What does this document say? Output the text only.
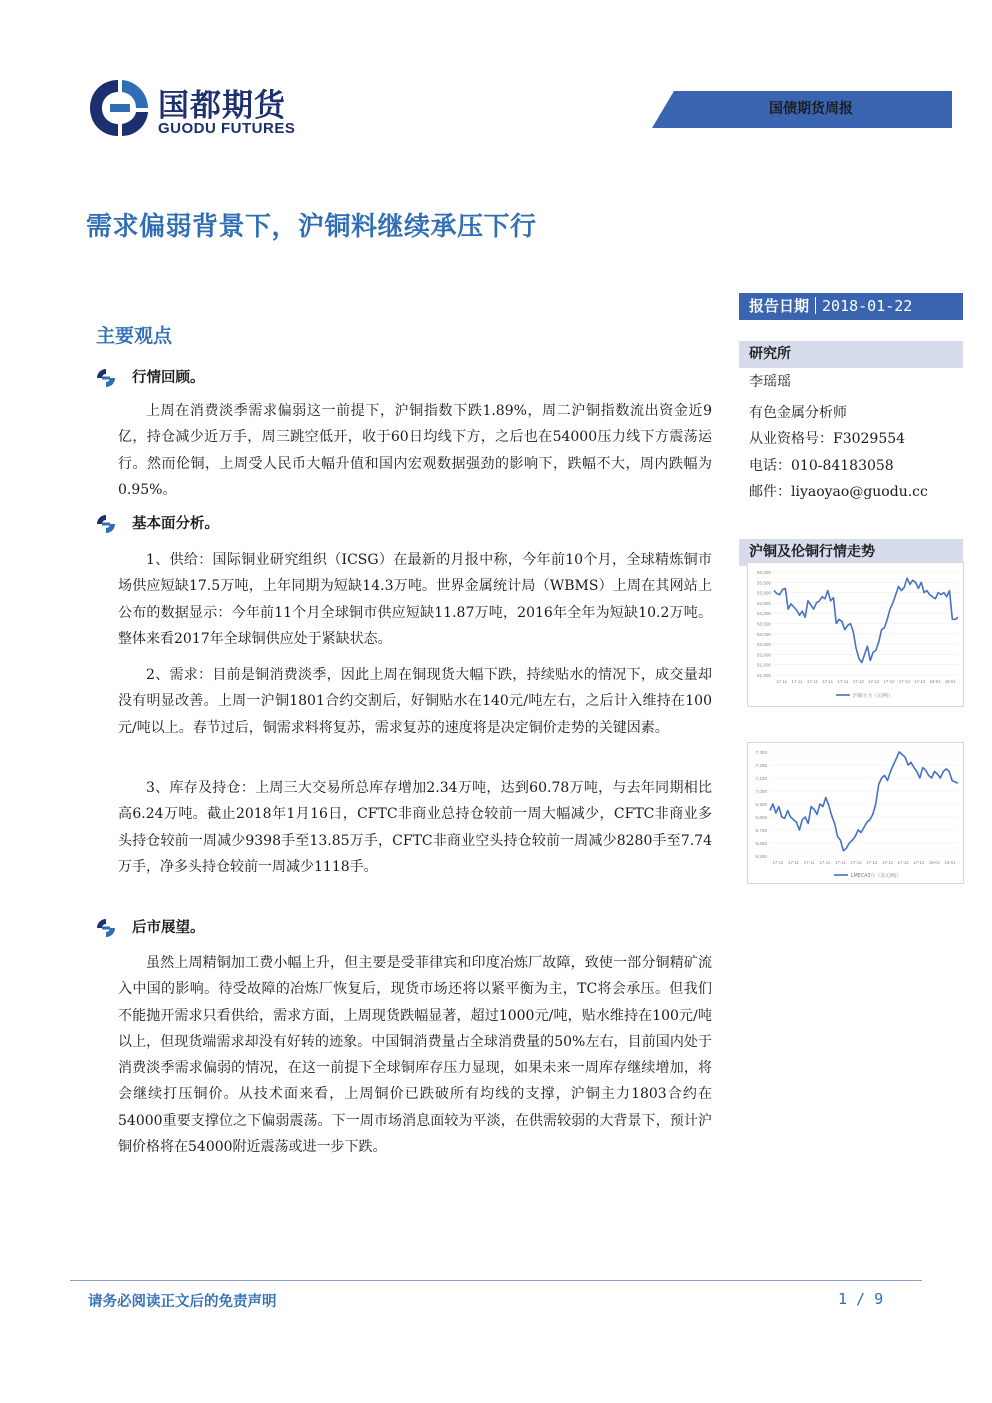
国都期货
GUODU FUTURES
国债期货周报
需求偏弱背景下，沪铜料继续承压下行
报告日期 2018-01-22
研究所
李瑶瑶
有色金属分析师
从业资格号：F3029554
电话：010-84183058
邮件：liyaoyao@guodu.cc
沪铜及伦铜行情走势
56,000
55,500
55,000
54,500
54,000
53,500
53,000
52,500
52,000
51,500
51,000
17-11 17-11 17-11 17-11 17-11 17-12 17-12 17-12 17-12 17-12 18-01 18-01
沪铜主力（元/吨）
7,300
7,200
7,100
7,000
6,900
6,800
6,700
6,600
6,500
17-11 17-11 17-11 17-11 17-11 17-12 17-12 17-12 17-12 17-12 18-01 18-01
LMECA3月（美元/吨）
主要观点
行情回顾。
上周在消费淡季需求偏弱这一前提下，沪铜指数下跌1.89%，周二沪铜指数流出资金近9亿，持仓减少近万手，周三跳空低开，收于60日均线下方，之后也在54000压力线下方震荡运行。然而伦铜，上周受人民币大幅升值和国内宏观数据强劲的影响下，跌幅不大，周内跌幅为0.95%。
基本面分析。
1、供给：国际铜业研究组织（ICSG）在最新的月报中称，今年前10个月，全球精炼铜市场供应短缺17.5万吨，上年同期为短缺14.3万吨。世界金属统计局（WBMS）上周在其网站上公布的数据显示：今年前11个月全球铜市供应短缺11.87万吨，2016年全年为短缺10.2万吨。整体来看2017年全球铜供应处于紧缺状态。
2、需求：目前是铜消费淡季，因此上周在铜现货大幅下跌，持续贴水的情况下，成交量却没有明显改善。上周一沪铜1801合约交割后，好铜贴水在140元/吨左右，之后计入维持在100元/吨以上。春节过后，铜需求料将复苏，需求复苏的速度将是决定铜价走势的关键因素。
3、库存及持仓：上周三大交易所总库存增加2.34万吨，达到60.78万吨，与去年同期相比高6.24万吨。截止2018年1月16日，CFTC非商业总持仓较前一周大幅减少，CFTC非商业多头持仓较前一周减少9398手至13.85万手，CFTC非商业空头持仓较前一周减少8280手至7.74万手，净多头持仓较前一周减少1118手。
后市展望。
虽然上周精铜加工费小幅上升，但主要是受菲律宾和印度冶炼厂故障，致使一部分铜精矿流入中国的影响。待受故障的冶炼厂恢复后，现货市场还将以紧平衡为主，TC将会承压。但我们不能抛开需求只看供给，需求方面，上周现货跌幅显著，超过1000元/吨，贴水维持在100元/吨以上，但现货端需求却没有好转的迹象。中国铜消费量占全球消费量的50%左右，目前国内处于消费淡季需求偏弱的情况，在这一前提下全球铜库存压力显现，如果未来一周库存继续增加，将会继续打压铜价。从技术面来看，上周铜价已跌破所有均线的支撑，沪铜主力1803合约在54000重要支撑位之下偏弱震荡。下一周市场消息面较为平淡，在供需较弱的大背景下，预计沪铜价格将在54000附近震荡或进一步下跌。
请务必阅读正文后的免责声明	1 / 9
